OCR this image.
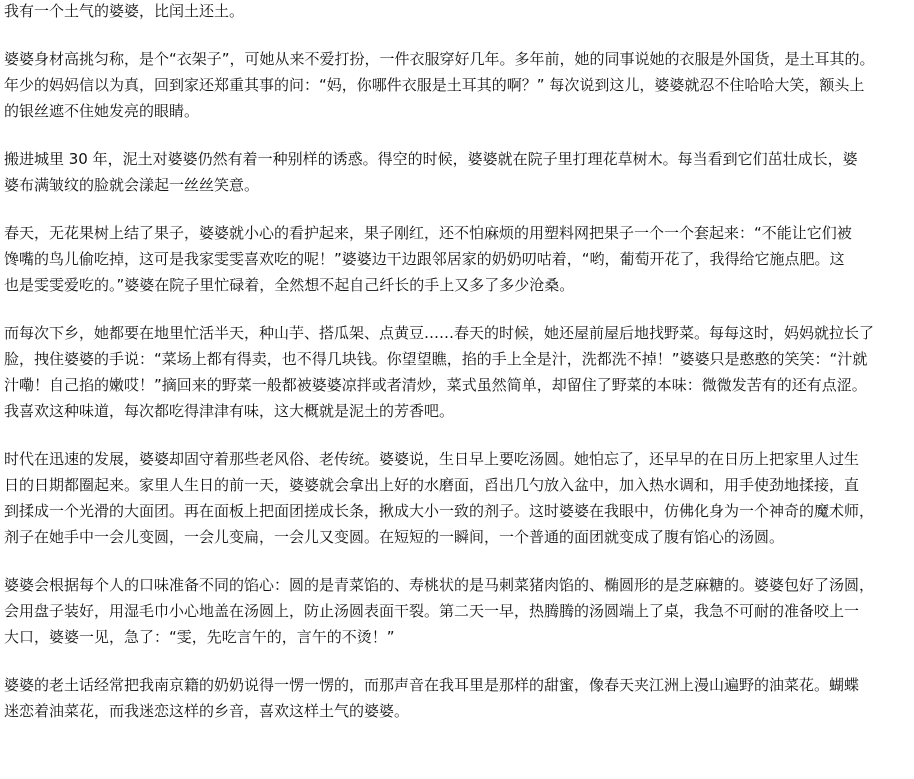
我有一个土气的婆婆，比闰土还土。
婆婆身材高挑匀称，是个“衣架子”，可她从来不爱打扮，一件衣服穿好几年。多年前，她的同事说她的衣服是外国货，是土耳其的。
年少的妈妈信以为真，回到家还郑重其事的问：“妈，你哪件衣服是土耳其的啊？” 每次说到这儿，婆婆就忍不住哈哈大笑，额头上
的银丝遮不住她发亮的眼睛。
搬进城里 30 年，泥土对婆婆仍然有着一种别样的诱惑。得空的时候，婆婆就在院子里打理花草树木。每当看到它们茁壮成长，婆
婆布满皱纹的脸就会漾起一丝丝笑意。
春天，无花果树上结了果子，婆婆就小心的看护起来，果子刚红，还不怕麻烦的用塑料网把果子一个一个套起来：“不能让它们被
馋嘴的鸟儿偷吃掉，这可是我家雯雯喜欢吃的呢！”婆婆边干边跟邻居家的奶奶叨咕着，“哟，葡萄开花了，我得给它施点肥。这
也是雯雯爱吃的。”婆婆在院子里忙碌着，全然想不起自己纤长的手上又多了多少沧桑。
而每次下乡，她都要在地里忙活半天，种山芋、搭瓜架、点黄豆……春天的时候，她还屋前屋后地找野菜。每每这时，妈妈就拉长了
脸，拽住婆婆的手说：“菜场上都有得卖，也不得几块钱。你望望瞧，掐的手上全是汁，洗都洗不掉！”婆婆只是憨憨的笑笑：“汁就
汁嘞！自己掐的嫩哎！”摘回来的野菜一般都被婆婆凉拌或者清炒，菜式虽然简单，却留住了野菜的本味：微微发苦有的还有点涩。
我喜欢这种味道，每次都吃得津津有味，这大概就是泥土的芳香吧。
时代在迅速的发展，婆婆却固守着那些老风俗、老传统。婆婆说，生日早上要吃汤圆。她怕忘了，还早早的在日历上把家里人过生
日的日期都圈起来。家里人生日的前一天，婆婆就会拿出上好的水磨面，舀出几勺放入盆中，加入热水调和，用手使劲地揉接，直
到揉成一个光滑的大面团。再在面板上把面团搓成长条，揪成大小一致的剂子。这时婆婆在我眼中，仿佛化身为一个神奇的魔术师，
剂子在她手中一会儿变圆，一会儿变扁，一会儿又变圆。在短短的一瞬间，一个普通的面团就变成了腹有馅心的汤圆。
婆婆会根据每个人的口味准备不同的馅心：圆的是青菜馅的、寿桃状的是马刺菜猪肉馅的、椭圆形的是芝麻糖的。婆婆包好了汤圆，
会用盘子装好，用湿毛巾小心地盖在汤圆上，防止汤圆表面干裂。第二天一早，热腾腾的汤圆端上了桌，我急不可耐的准备咬上一
大口，婆婆一见，急了：“雯，先吃言午的，言午的不烫！”
婆婆的老土话经常把我南京籍的奶奶说得一愣一愣的，而那声音在我耳里是那样的甜蜜，像春天夹江洲上漫山遍野的油菜花。蝴蝶
迷恋着油菜花，而我迷恋这样的乡音，喜欢这样土气的婆婆。
